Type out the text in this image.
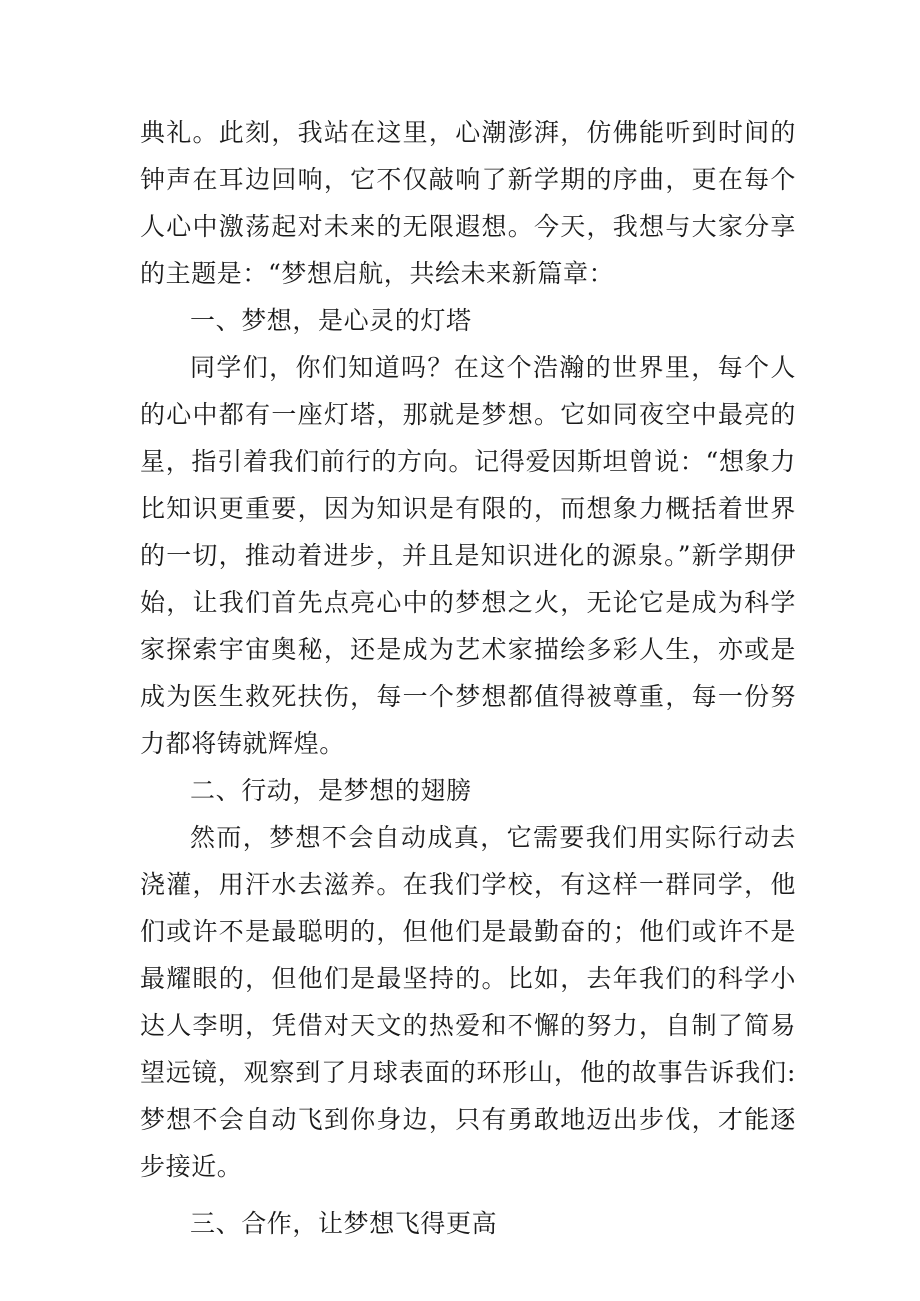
典礼。此刻，我站在这里，心潮澎湃，仿佛能听到时间的钟声在耳边回响，它不仅敲响了新学期的序曲，更在每个人心中激荡起对未来的无限遐想。今天，我想与大家分享的主题是：“梦想启航，共绘未来新篇章：

一、梦想，是心灵的灯塔

同学们，你们知道吗？在这个浩瀚的世界里，每个人的心中都有一座灯塔，那就是梦想。它如同夜空中最亮的星，指引着我们前行的方向。记得爱因斯坦曾说：“想象力比知识更重要，因为知识是有限的，而想象力概括着世界的一切，推动着进步，并且是知识进化的源泉。”新学期伊始，让我们首先点亮心中的梦想之火，无论它是成为科学家探索宇宙奥秘，还是成为艺术家描绘多彩人生，亦或是成为医生救死扶伤，每一个梦想都值得被尊重，每一份努力都将铸就辉煌。

二、行动，是梦想的翅膀

然而，梦想不会自动成真，它需要我们用实际行动去浇灌，用汗水去滋养。在我们学校，有这样一群同学，他们或许不是最聪明的，但他们是最勤奋的；他们或许不是最耀眼的，但他们是最坚持的。比如，去年我们的科学小达人李明，凭借对天文的热爱和不懈的努力，自制了简易望远镜，观察到了月球表面的环形山，他的故事告诉我们:梦想不会自动飞到你身边，只有勇敢地迈出步伐，才能逐步接近。

三、合作，让梦想飞得更高
